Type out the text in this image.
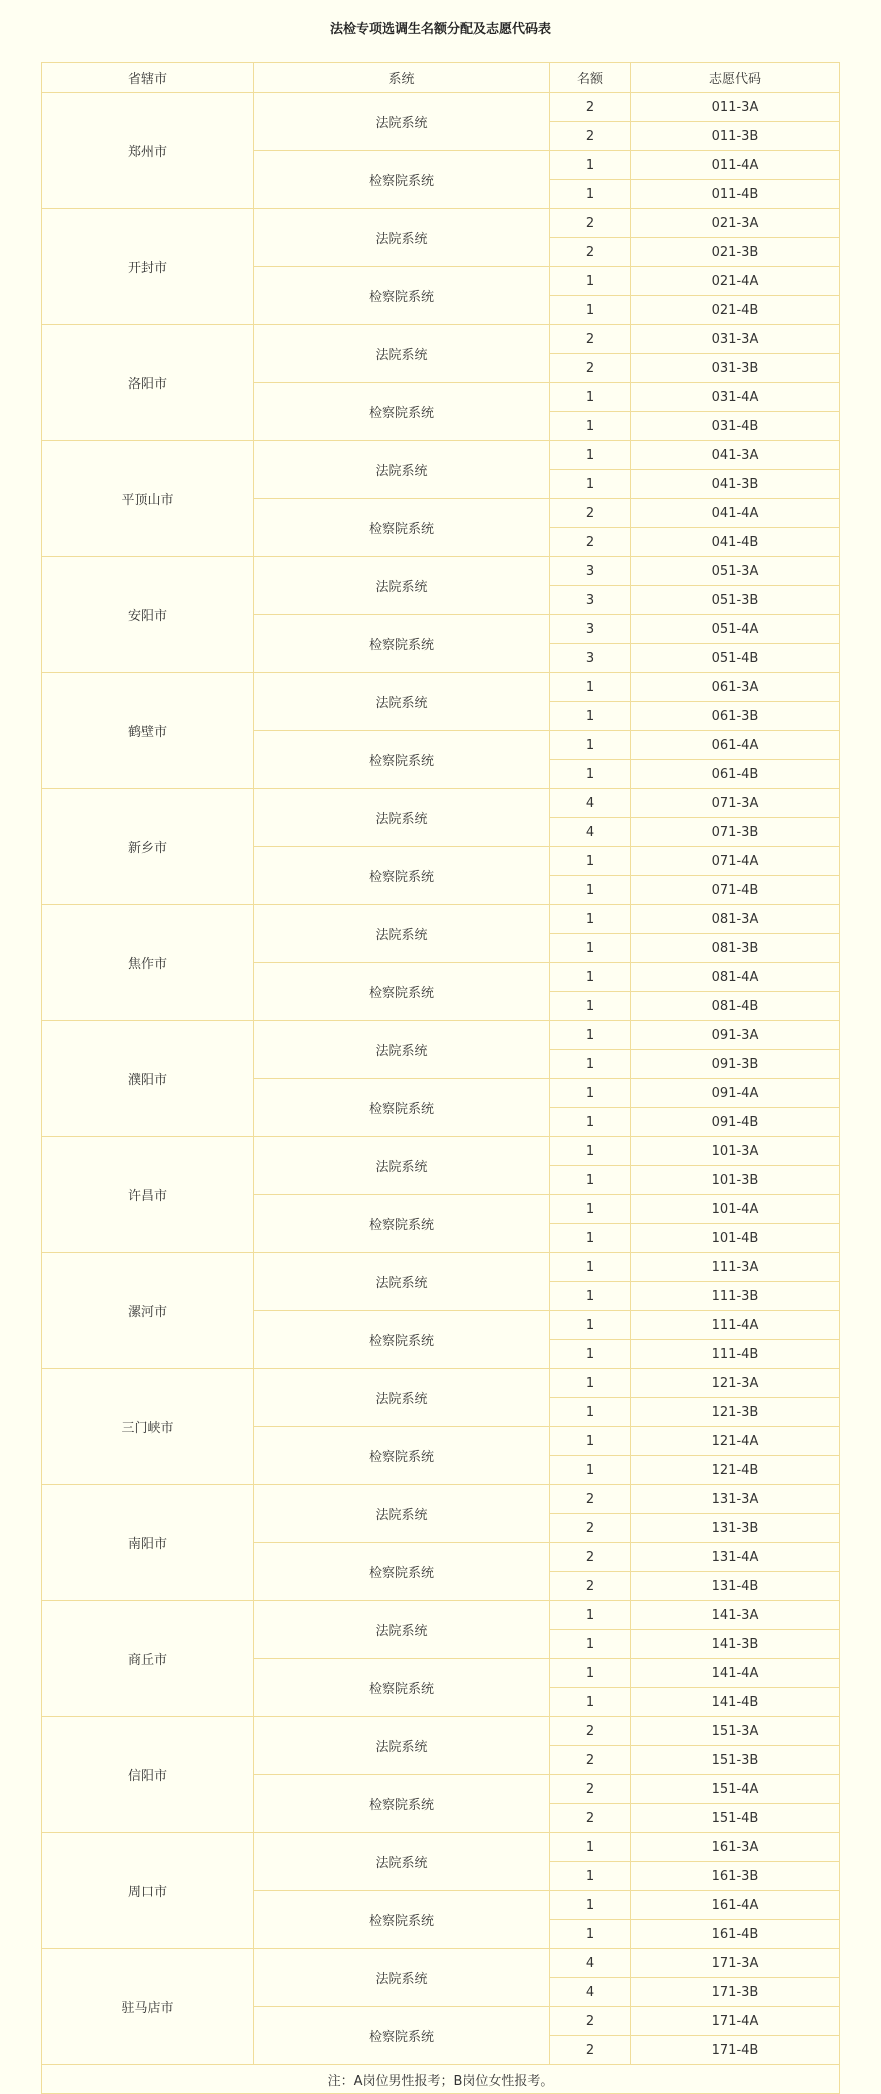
法检专项选调生名额分配及志愿代码表
省辖市	系统	名额	志愿代码
郑州市	法院系统	2	011-3A
		2	011-3B
	检察院系统	1	011-4A
		1	011-4B
开封市	法院系统	2	021-3A
		2	021-3B
	检察院系统	1	021-4A
		1	021-4B
洛阳市	法院系统	2	031-3A
		2	031-3B
	检察院系统	1	031-4A
		1	031-4B
平顶山市	法院系统	1	041-3A
		1	041-3B
	检察院系统	2	041-4A
		2	041-4B
安阳市	法院系统	3	051-3A
		3	051-3B
	检察院系统	3	051-4A
		3	051-4B
鹤壁市	法院系统	1	061-3A
		1	061-3B
	检察院系统	1	061-4A
		1	061-4B
新乡市	法院系统	4	071-3A
		4	071-3B
	检察院系统	1	071-4A
		1	071-4B
焦作市	法院系统	1	081-3A
		1	081-3B
	检察院系统	1	081-4A
		1	081-4B
濮阳市	法院系统	1	091-3A
		1	091-3B
	检察院系统	1	091-4A
		1	091-4B
许昌市	法院系统	1	101-3A
		1	101-3B
	检察院系统	1	101-4A
		1	101-4B
漯河市	法院系统	1	111-3A
		1	111-3B
	检察院系统	1	111-4A
		1	111-4B
三门峡市	法院系统	1	121-3A
		1	121-3B
	检察院系统	1	121-4A
		1	121-4B
南阳市	法院系统	2	131-3A
		2	131-3B
	检察院系统	2	131-4A
		2	131-4B
商丘市	法院系统	1	141-3A
		1	141-3B
	检察院系统	1	141-4A
		1	141-4B
信阳市	法院系统	2	151-3A
		2	151-3B
	检察院系统	2	151-4A
		2	151-4B
周口市	法院系统	1	161-3A
		1	161-3B
	检察院系统	1	161-4A
		1	161-4B
驻马店市	法院系统	4	171-3A
		4	171-3B
	检察院系统	2	171-4A
		2	171-4B
注：A岗位男性报考；B岗位女性报考。			
